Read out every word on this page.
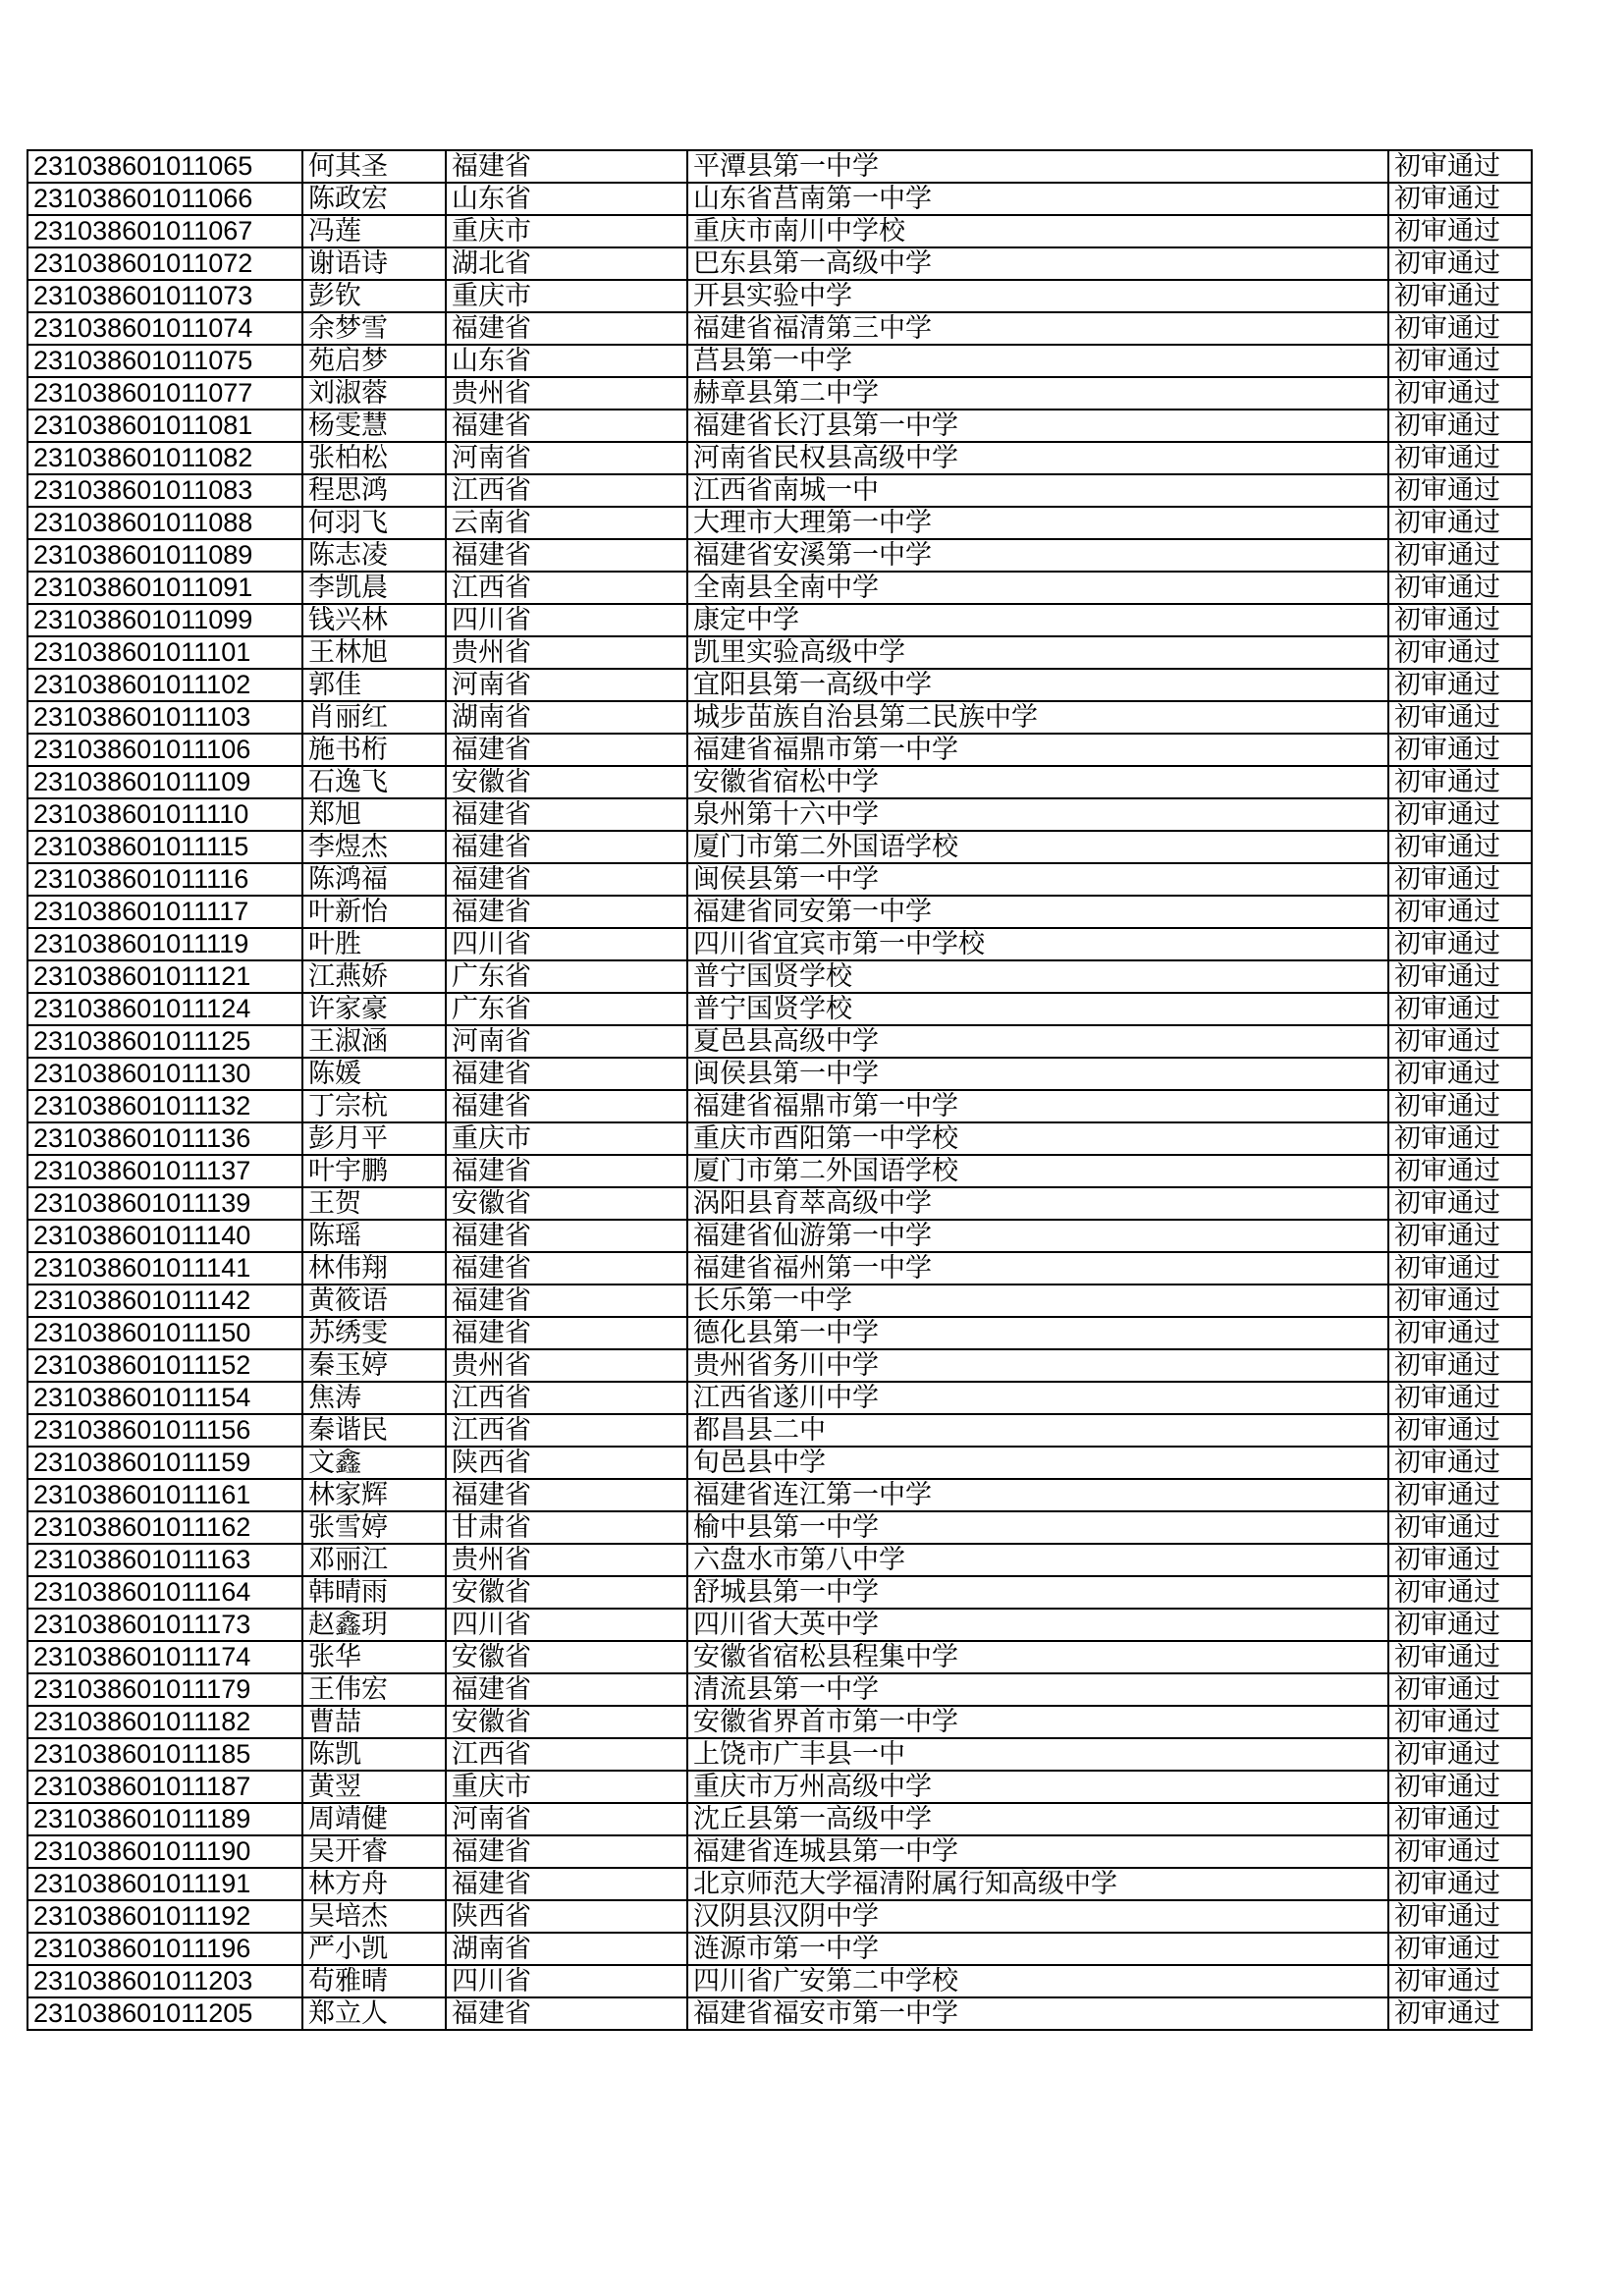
231038601011065	何其圣	福建省	平潭县第一中学	初审通过
231038601011066	陈政宏	山东省	山东省莒南第一中学	初审通过
231038601011067	冯莲	重庆市	重庆市南川中学校	初审通过
231038601011072	谢语诗	湖北省	巴东县第一高级中学	初审通过
231038601011073	彭钦	重庆市	开县实验中学	初审通过
231038601011074	余梦雪	福建省	福建省福清第三中学	初审通过
231038601011075	苑启梦	山东省	莒县第一中学	初审通过
231038601011077	刘淑蓉	贵州省	赫章县第二中学	初审通过
231038601011081	杨雯慧	福建省	福建省长汀县第一中学	初审通过
231038601011082	张柏松	河南省	河南省民权县高级中学	初审通过
231038601011083	程思鸿	江西省	江西省南城一中	初审通过
231038601011088	何羽飞	云南省	大理市大理第一中学	初审通过
231038601011089	陈志凌	福建省	福建省安溪第一中学	初审通过
231038601011091	李凯晨	江西省	全南县全南中学	初审通过
231038601011099	钱兴林	四川省	康定中学	初审通过
231038601011101	王林旭	贵州省	凯里实验高级中学	初审通过
231038601011102	郭佳	河南省	宜阳县第一高级中学	初审通过
231038601011103	肖丽红	湖南省	城步苗族自治县第二民族中学	初审通过
231038601011106	施书桁	福建省	福建省福鼎市第一中学	初审通过
231038601011109	石逸飞	安徽省	安徽省宿松中学	初审通过
231038601011110	郑旭	福建省	泉州第十六中学	初审通过
231038601011115	李煜杰	福建省	厦门市第二外国语学校	初审通过
231038601011116	陈鸿福	福建省	闽侯县第一中学	初审通过
231038601011117	叶新怡	福建省	福建省同安第一中学	初审通过
231038601011119	叶胜	四川省	四川省宜宾市第一中学校	初审通过
231038601011121	江燕娇	广东省	普宁国贤学校	初审通过
231038601011124	许家豪	广东省	普宁国贤学校	初审通过
231038601011125	王淑涵	河南省	夏邑县高级中学	初审通过
231038601011130	陈媛	福建省	闽侯县第一中学	初审通过
231038601011132	丁宗杭	福建省	福建省福鼎市第一中学	初审通过
231038601011136	彭月平	重庆市	重庆市酉阳第一中学校	初审通过
231038601011137	叶宇鹏	福建省	厦门市第二外国语学校	初审通过
231038601011139	王贺	安徽省	涡阳县育萃高级中学	初审通过
231038601011140	陈瑶	福建省	福建省仙游第一中学	初审通过
231038601011141	林伟翔	福建省	福建省福州第一中学	初审通过
231038601011142	黄筱语	福建省	长乐第一中学	初审通过
231038601011150	苏绣雯	福建省	德化县第一中学	初审通过
231038601011152	秦玉婷	贵州省	贵州省务川中学	初审通过
231038601011154	焦涛	江西省	江西省遂川中学	初审通过
231038601011156	秦谐民	江西省	都昌县二中	初审通过
231038601011159	文鑫	陕西省	旬邑县中学	初审通过
231038601011161	林家辉	福建省	福建省连江第一中学	初审通过
231038601011162	张雪婷	甘肃省	榆中县第一中学	初审通过
231038601011163	邓丽江	贵州省	六盘水市第八中学	初审通过
231038601011164	韩晴雨	安徽省	舒城县第一中学	初审通过
231038601011173	赵鑫玥	四川省	四川省大英中学	初审通过
231038601011174	张华	安徽省	安徽省宿松县程集中学	初审通过
231038601011179	王伟宏	福建省	清流县第一中学	初审通过
231038601011182	曹喆	安徽省	安徽省界首市第一中学	初审通过
231038601011185	陈凯	江西省	上饶市广丰县一中	初审通过
231038601011187	黄翌	重庆市	重庆市万州高级中学	初审通过
231038601011189	周靖健	河南省	沈丘县第一高级中学	初审通过
231038601011190	吴开睿	福建省	福建省连城县第一中学	初审通过
231038601011191	林方舟	福建省	北京师范大学福清附属行知高级中学	初审通过
231038601011192	吴培杰	陕西省	汉阴县汉阴中学	初审通过
231038601011196	严小凯	湖南省	涟源市第一中学	初审通过
231038601011203	苟雅晴	四川省	四川省广安第二中学校	初审通过
231038601011205	郑立人	福建省	福建省福安市第一中学	初审通过
